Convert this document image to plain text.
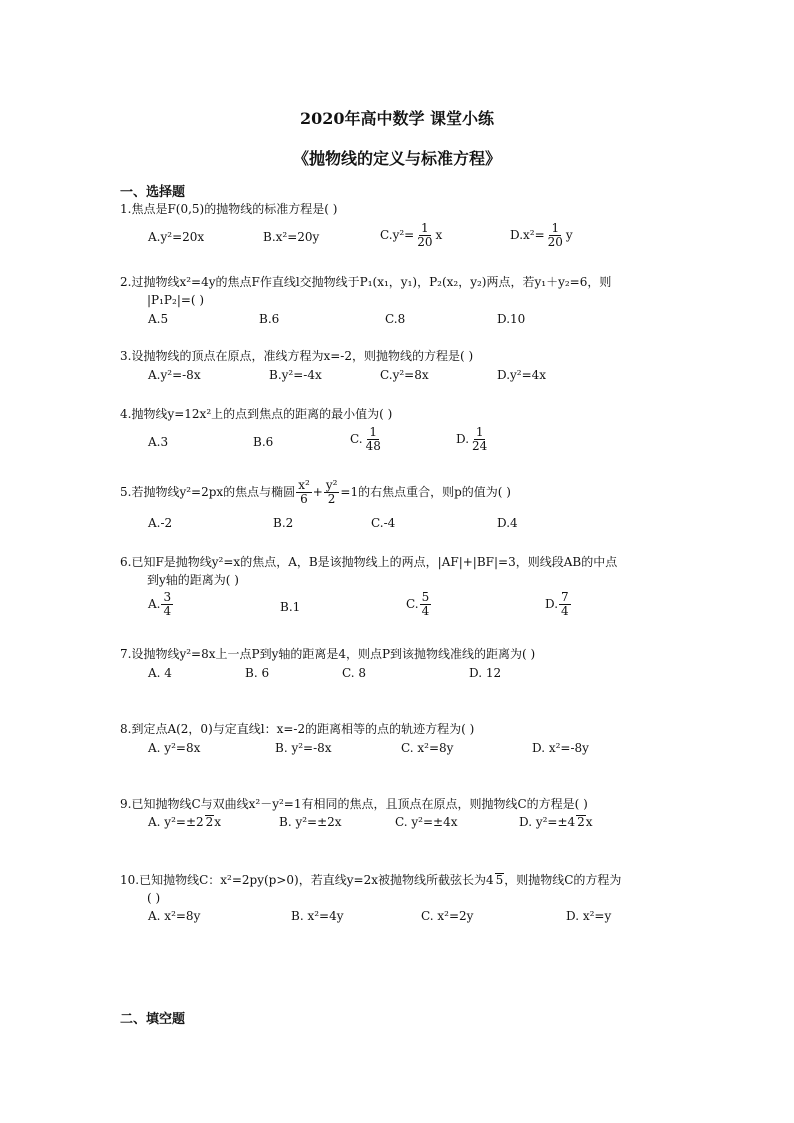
2020年高中数学 课堂小练
《抛物线的定义与标准方程》
一、选择题
1.焦点是F(0,5)的抛物线的标准方程是( )
A.y²=20x	B.x²=20y	$C.y^2= \frac{1}{20}$ x	$D.x^2= \frac{1}{20}$ y
2.过抛物线x²=4y的焦点F作直线l交抛物线于P₁(x₁，y₁)，P₂(x₂，y₂)两点，若y₁＋y₂=6，则
|P₁P₂|=( )
A.5	B.6	C.8	D.10
3.设抛物线的顶点在原点，准线方程为x=-2，则抛物线的方程是( )
A.y²=-8x	B.y²=-4x	C.y²=8x	D.y²=4x
4.抛物线y=12x²上的点到焦点的距离的最小值为( )
A.3	B.6	C. $\frac{1}{48}$	D. $\frac{1}{24}$
5.若抛物线y²=2px的焦点与椭圆 $\frac{\text{x²}}{6} + \frac{\text{y²}}{2} =1$的右焦点重合，则p的值为( )
A.-2	B.2	C.-4	D.4
6.已知F是抛物线y²=x的焦点，A，B是该抛物线上的两点，|AF|+|BF|=3，则线段AB的中点
到y轴的距离为( )
A. $\frac{3}{4}$	B.1	C. $\frac{5}{4}$	D. $\frac{7}{4}$
7.设抛物线y²=8x上一点P到y轴的距离是4，则点P到该抛物线准线的距离为( )
A. 4	B. 6	C. 8	D. 12
8.到定点A(2，0)与定直线l：x=-2的距离相等的点的轨迹方程为( )
A. y²=8x	B. y²=-8x	C. x²=8y	D. x²=-8y
9.已知抛物线C与双曲线x²－y²=1有相同的焦点，且顶点在原点，则抛物线C的方程是( )
A. y²=±2 2x	B. y²=±2x	C. y²=±4x	D. y²=±4 2x
10.已知抛物线C：x²=2py(p>0)，若直线y=2x被抛物线所截弦长为4 5，则抛物线C的方程为
( )
A. x²=8y	B. x²=4y	C. x²=2y	D. x²=y
二、填空题
